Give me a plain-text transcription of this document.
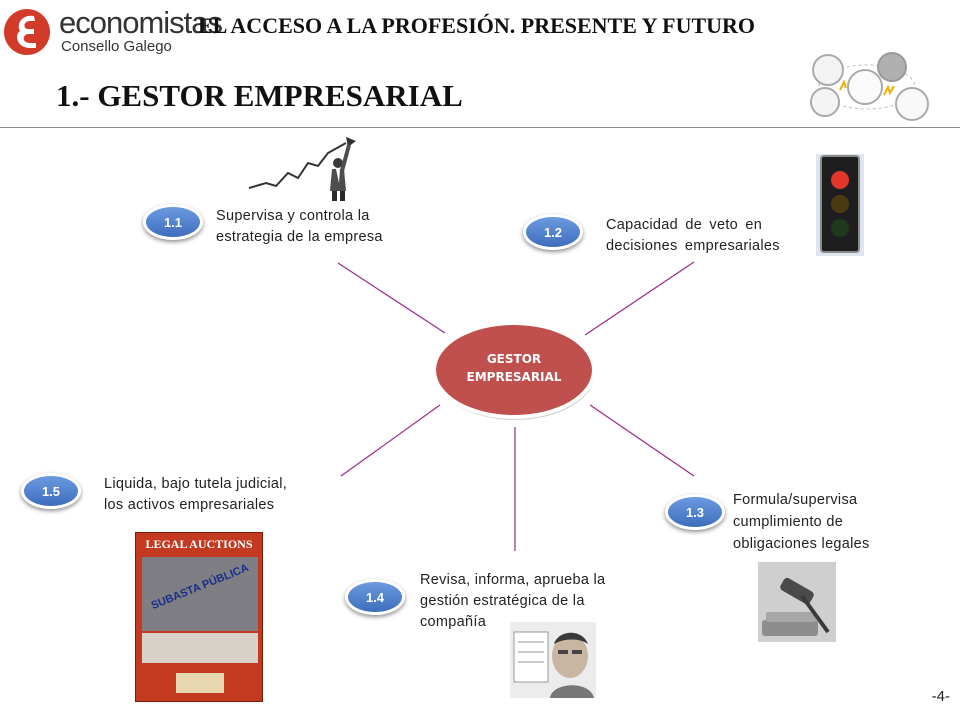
economistas
Consello Galego
EL ACCESO A LA PROFESIÓN. PRESENTE Y FUTURO
1.- GESTOR EMPRESARIAL
GESTOR
EMPRESARIAL
1.1	Supervisa y controla la
estrategia de la empresa	1.2	Capacidad de veto en
decisiones empresariales
1.3
Formula/supervisa
cumplimiento de
obligaciones legales
1.4
Revisa, informa, aprueba la
gestión estratégica de la
compañía
1.5	Liquida, bajo tutela judicial,
los activos empresariales
LEGAL AUCTIONS
SUBASTA PÚBLICA
-4-
